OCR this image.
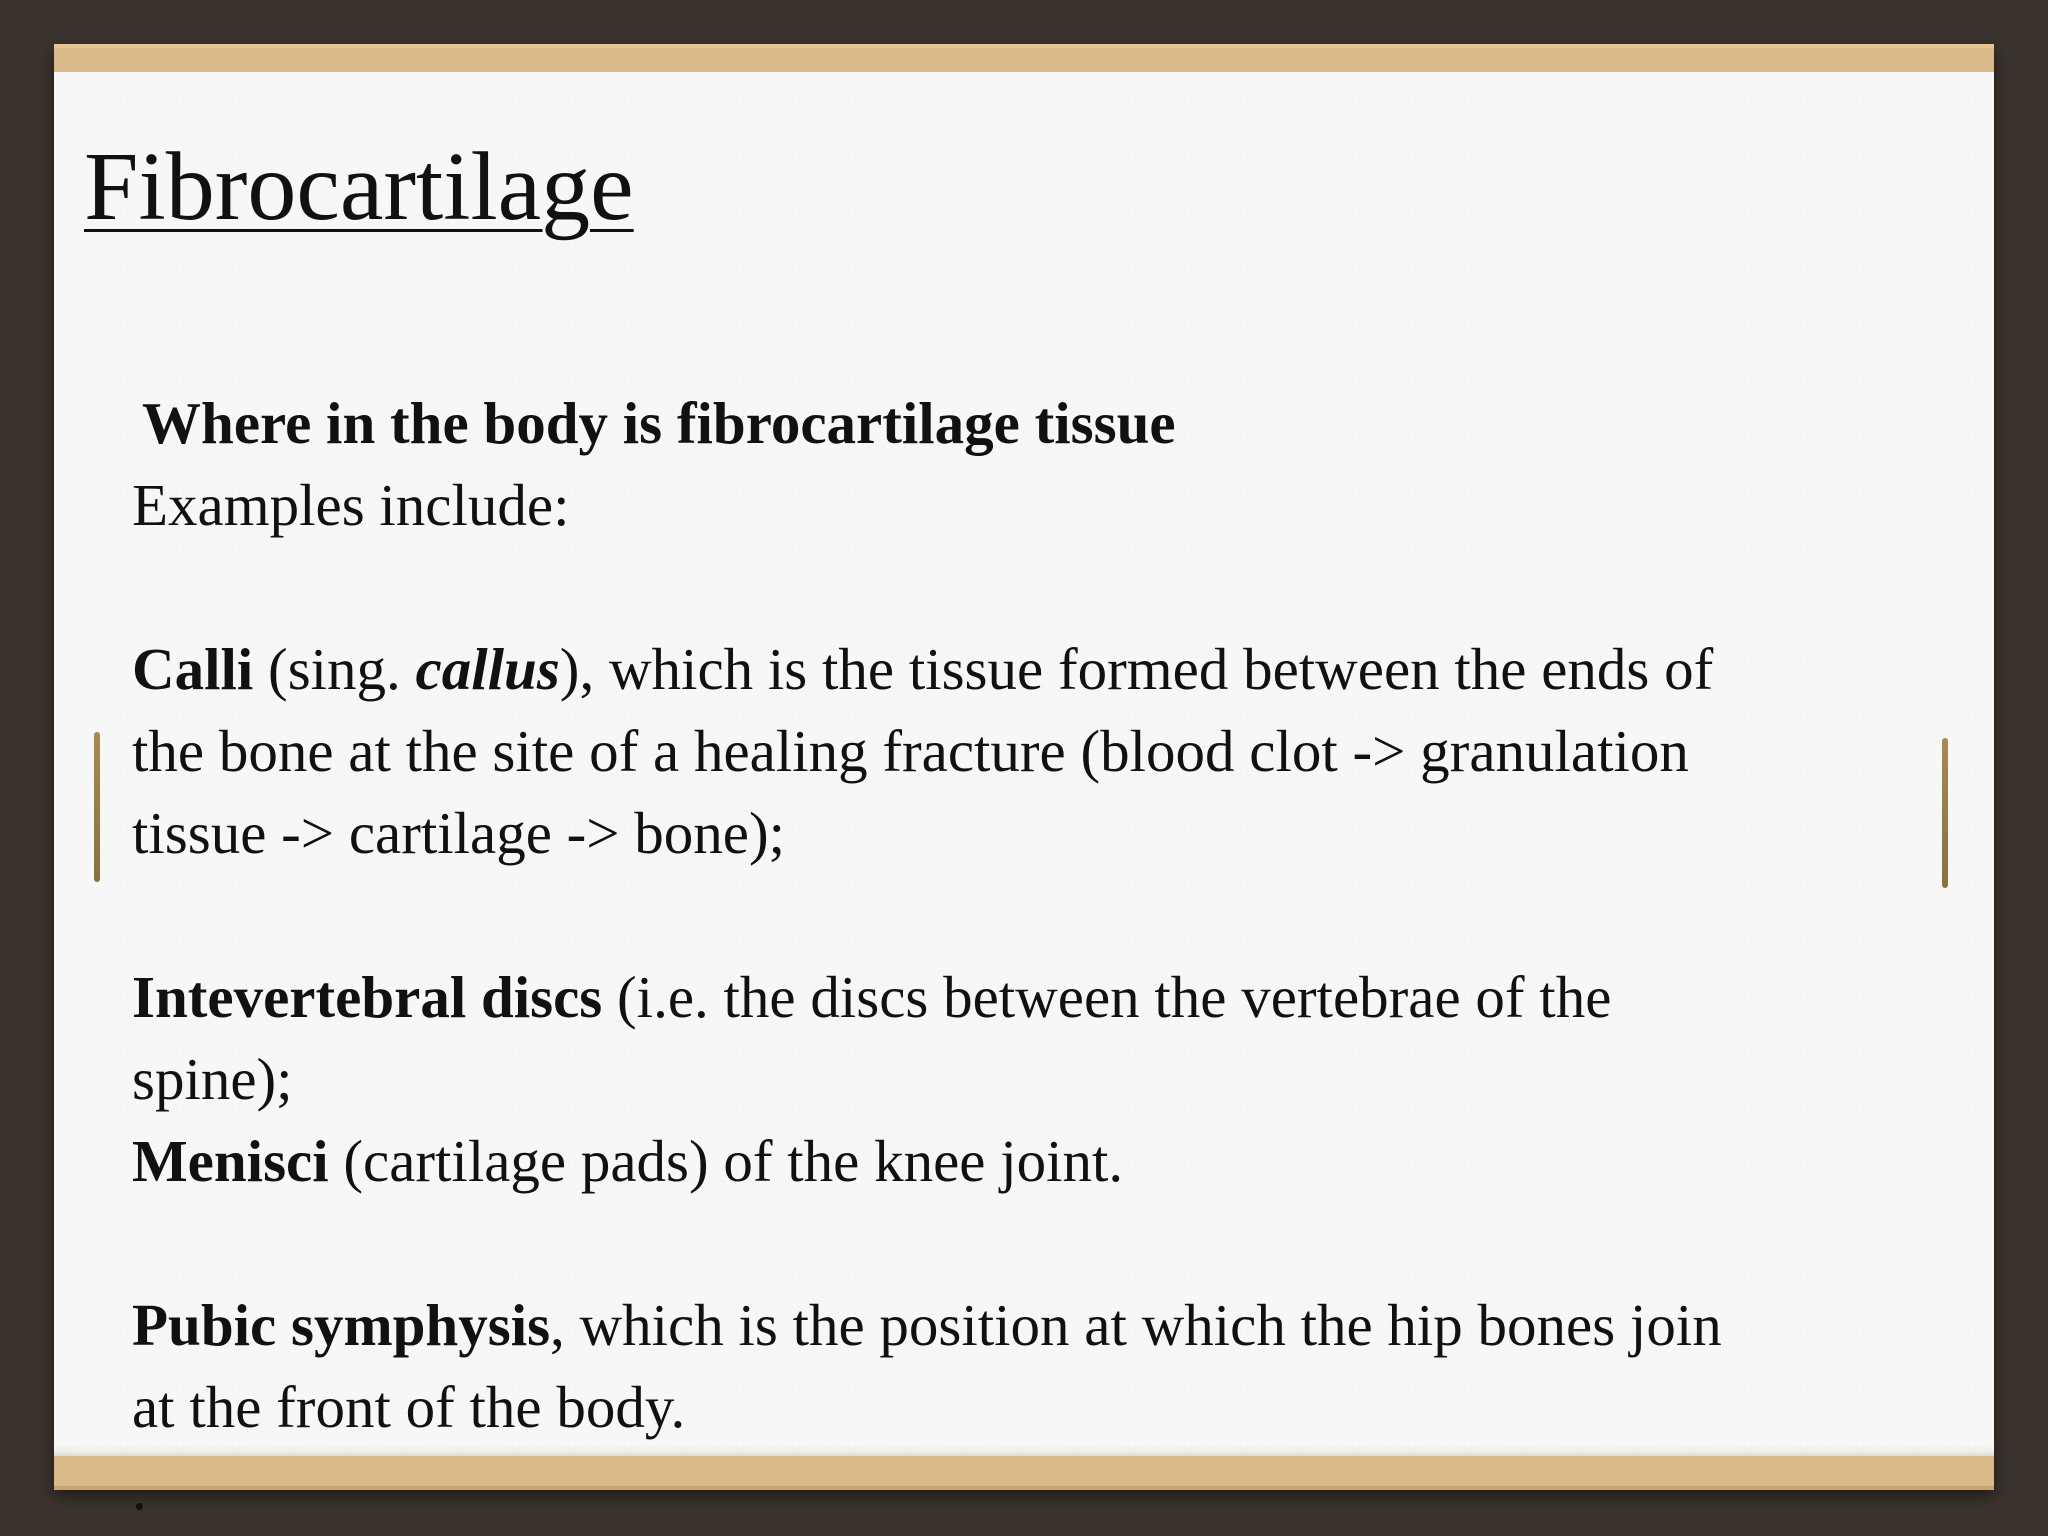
Fibrocartilage
Where in the body is fibrocartilage tissue
Examples include:
Calli (sing. callus), which is the tissue formed between the ends of
the bone at the site of a healing fracture (blood clot -> granulation
tissue -> cartilage -> bone);
Intevertebral discs (i.e. the discs between the vertebrae of the
spine);
Menisci (cartilage pads) of the knee joint.
Pubic symphysis, which is the position at which the hip bones join
at the front of the body.
.
